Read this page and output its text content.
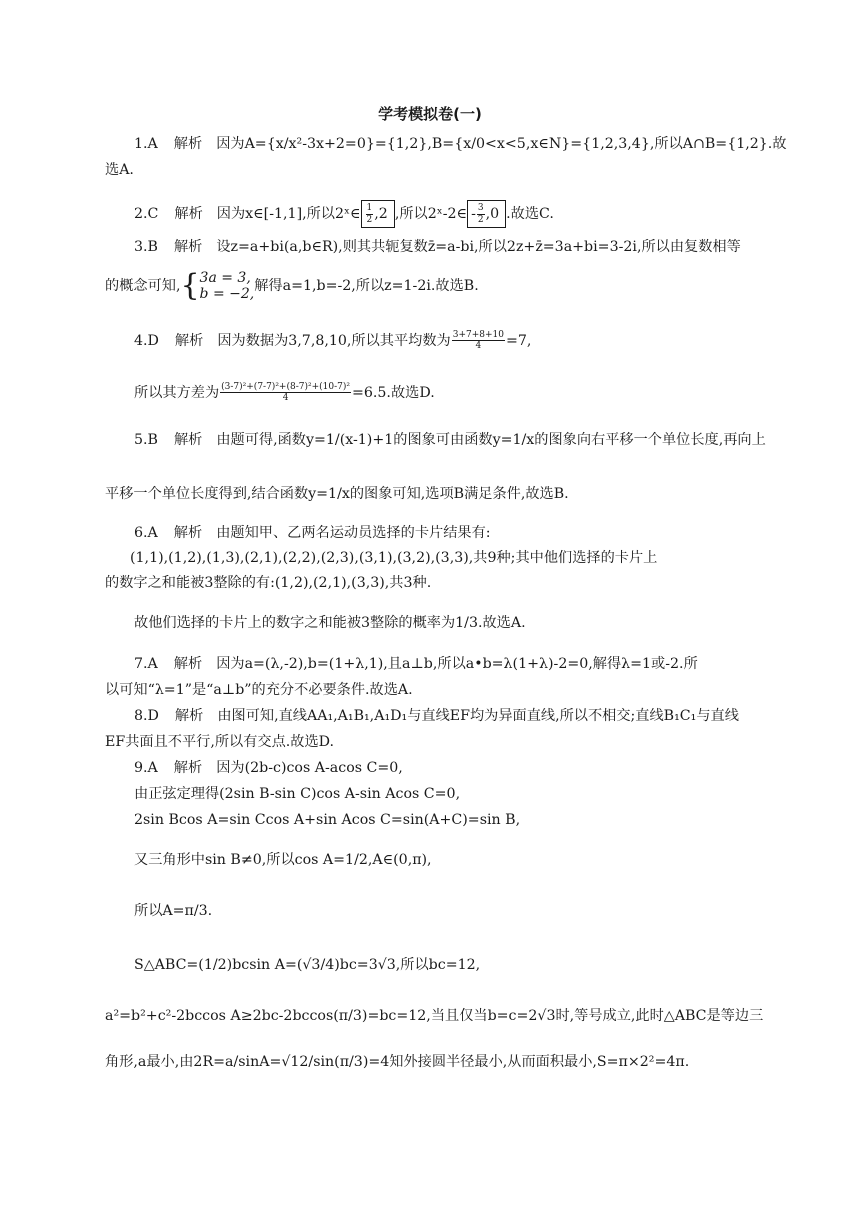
学考模拟卷(一)
1.A 解析 因为A={x/x²-3x+2=0}={1,2},B={x/0<x<5,x∈N}={1,2,3,4},所以A∩B={1,2}.故
选A.
2.C 解析 因为x∈[-1,1],所以2ˣ∈ $\frac{1}{2} ,2$ ,所以2ˣ-2∈ - $\frac{3}{2} ,0$ .故选C.
3.B 解析 设z=a+bi(a,b∈R),则其共轭复数z̄=a-bi,所以2z+z̄=3a+bi=3-2i,所以由复数相等
的概念可知,{ 3a = 3,
b = −2, 解得a=1,b=-2,所以z=1-2i.故选B.
4.D 解析 因为数据为3,7,8,10,所以其平均数为 $\frac{3+7+8+10}{4} =7$,
所以其方差为 $\frac{\text{(3-7)²+(7-7)²+(8-7)²+(10-7)²}}{4} =6.5$.故选D.
5.B 解析 由题可得,函数y=1/(x-1)+1的图象可由函数y=1/x的图象向右平移一个单位长度,再向上
平移一个单位长度得到,结合函数y=1/x的图象可知,选项B满足条件,故选B.
6.A 解析 由题知甲、乙两名运动员选择的卡片结果有:
(1,1),(1,2),(1,3),(2,1),(2,2),(2,3),(3,1),(3,2),(3,3),共9种;其中他们选择的卡片上
的数字之和能被3整除的有:(1,2),(2,1),(3,3),共3种.
故他们选择的卡片上的数字之和能被3整除的概率为1/3.故选A.
7.A 解析 因为a=(λ,-2),b=(1+λ,1),且a⊥b,所以a•b=λ(1+λ)-2=0,解得λ=1或-2.所
以可知“λ=1”是“a⊥b”的充分不必要条件.故选A.
8.D 解析 由图可知,直线AA₁,A₁B₁,A₁D₁与直线EF均为异面直线,所以不相交;直线B₁C₁与直线
EF共面且不平行,所以有交点.故选D.
9.A 解析 因为(2b-c)cos A-acos C=0,
由正弦定理得(2sin B-sin C)cos A-sin Acos C=0,
2sin Bcos A=sin Ccos A+sin Acos C=sin(A+C)=sin B,
又三角形中sin B≠0,所以cos A=1/2,A∈(0,π),
所以A=π/3.
S△ABC=(1/2)bcsin A=(√3/4)bc=3√3,所以bc=12,
a²=b²+c²-2bccos A≥2bc-2bccos(π/3)=bc=12,当且仅当b=c=2√3时,等号成立,此时△ABC是等边三
角形,a最小,由2R=a/sinA=√12/sin(π/3)=4知外接圆半径最小,从而面积最小,S=π×2²=4π.
